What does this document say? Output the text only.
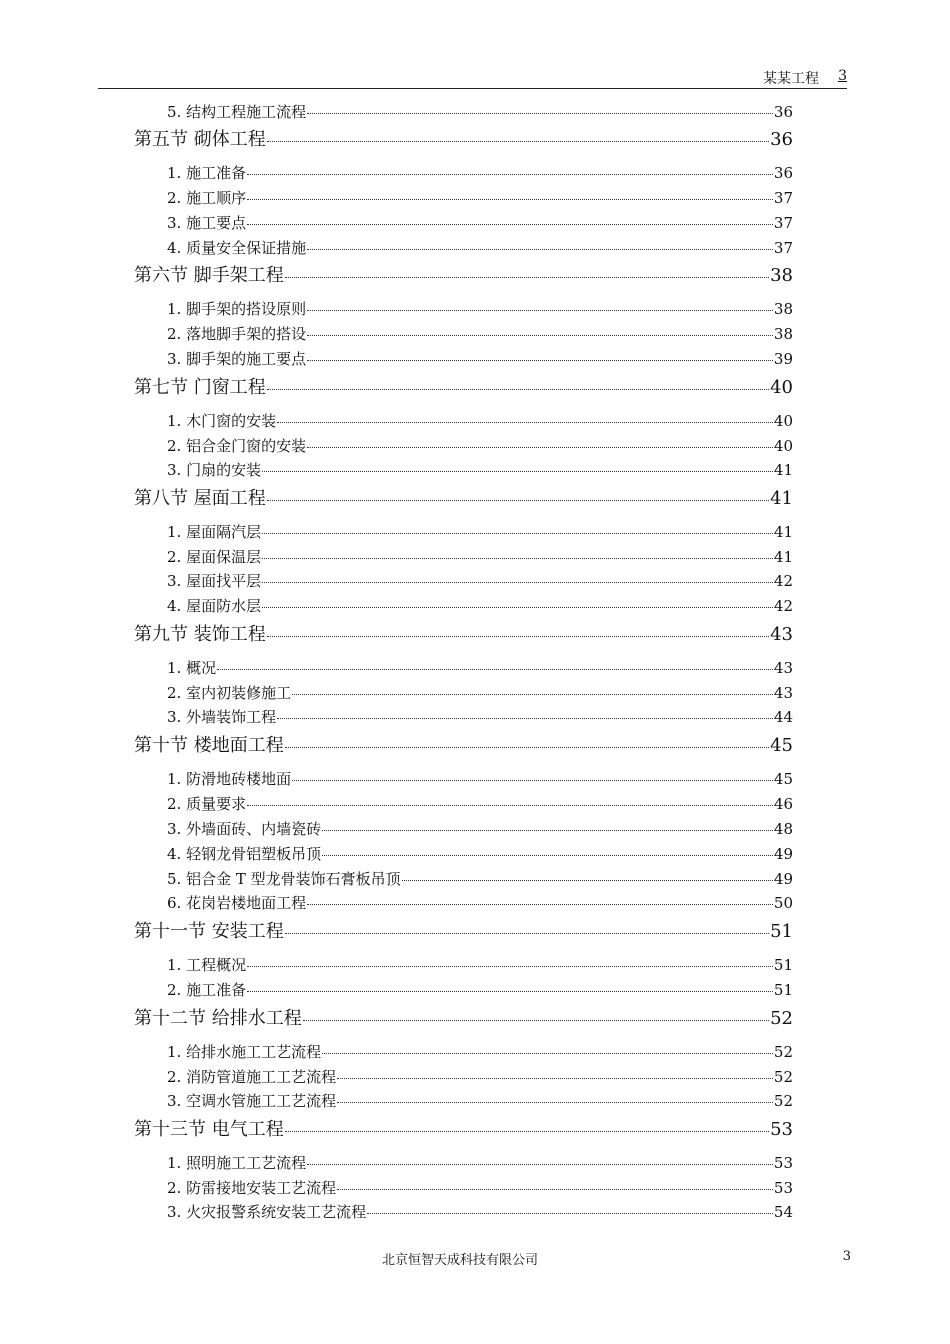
某某工程 3
5. 结构工程施工流程	36
第五节 砌体工程	36
1. 施工准备	36
2. 施工顺序	37
3. 施工要点	37
4. 质量安全保证措施	37
第六节 脚手架工程	38
1. 脚手架的搭设原则	38
2. 落地脚手架的搭设	38
3. 脚手架的施工要点	39
第七节 门窗工程	40
1. 木门窗的安装	40
2. 铝合金门窗的安装	40
3. 门扇的安装	41
第八节 屋面工程	41
1. 屋面隔汽层	41
2. 屋面保温层	41
3. 屋面找平层	42
4. 屋面防水层	42
第九节 装饰工程	43
1. 概况	43
2. 室内初装修施工	43
3. 外墙装饰工程	44
第十节 楼地面工程	45
1. 防滑地砖楼地面	45
2. 质量要求	46
3. 外墙面砖、内墙瓷砖	48
4. 轻钢龙骨铝塑板吊顶	49
5. 铝合金 T 型龙骨装饰石膏板吊顶	49
6. 花岗岩楼地面工程	50
第十一节 安装工程	51
1. 工程概况	51
2. 施工准备	51
第十二节 给排水工程	52
1. 给排水施工工艺流程	52
2. 消防管道施工工艺流程	52
3. 空调水管施工工艺流程	52
第十三节 电气工程	53
1. 照明施工工艺流程	53
2. 防雷接地安装工艺流程	53
3. 火灾报警系统安装工艺流程	54
北京恒智天成科技有限公司	3
